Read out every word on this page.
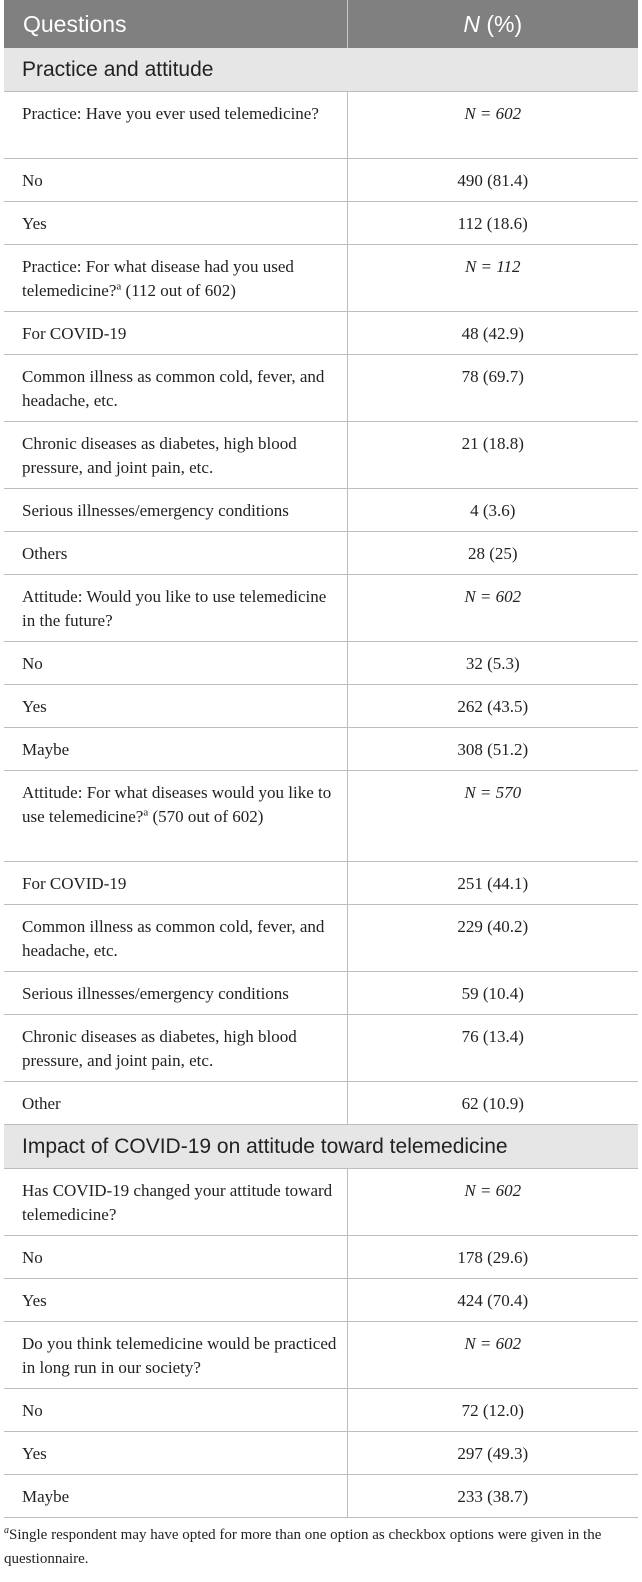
Questions	N (%)
Practice and attitude	
Practice: Have you ever used telemedicine?	N = 602
No	490 (81.4)
Yes	112 (18.6)
Practice: For what disease had you used telemedicine?$^a$ (112 out of 602)	N = 112
For COVID-19	48 (42.9)
Common illness as common cold, fever, and headache, etc.	78 (69.7)
Chronic diseases as diabetes, high blood pressure, and joint pain, etc.	21 (18.8)
Serious illnesses/emergency conditions	4 (3.6)
Others	28 (25)
Attitude: Would you like to use telemedicine in the future?	N = 602
No	32 (5.3)
Yes	262 (43.5)
Maybe	308 (51.2)
Attitude: For what diseases would you like to use telemedicine?$^a$ (570 out of 602)	N = 570
For COVID-19	251 (44.1)
Common illness as common cold, fever, and headache, etc.	229 (40.2)
Serious illnesses/emergency conditions	59 (10.4)
Chronic diseases as diabetes, high blood pressure, and joint pain, etc.	76 (13.4)
Other	62 (10.9)
Impact of COVID-19 on attitude toward telemedicine	
Has COVID-19 changed your attitude toward telemedicine?	N = 602
No	178 (29.6)
Yes	424 (70.4)
Do you think telemedicine would be practiced in long run in our society?	N = 602
No	72 (12.0)
Yes	297 (49.3)
Maybe	233 (38.7)
$^a$Single respondent may have opted for more than one option as checkbox options were given in the questionnaire.
